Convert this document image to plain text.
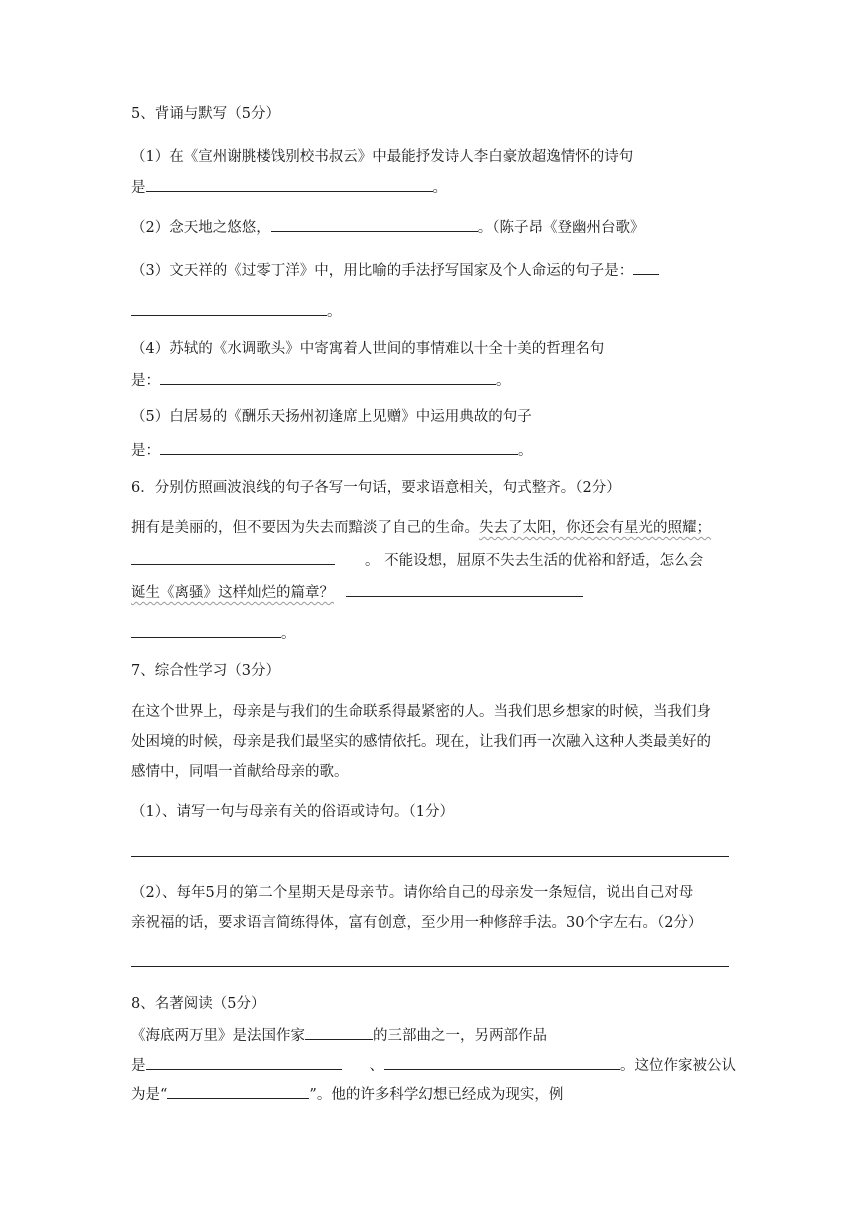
5、背诵与默写（5分）
（1）在《宣州谢朓楼饯别校书叔云》中最能抒发诗人李白豪放超逸情怀的诗句
是	。
（2）念天地之悠悠，	。（陈子昂《登幽州台歌》
（3）文天祥的《过零丁洋》中，用比喻的手法抒写国家及个人命运的句子是：
。
（4）苏轼的《水调歌头》中寄寓着人世间的事情难以十全十美的哲理名句
是：	。
（5）白居易的《酬乐天扬州初逢席上见赠》中运用典故的句子
是：	。
6．分别仿照画波浪线的句子各写一句话，要求语意相关，句式整齐。（2分）
拥有是美丽的，但不要因为失去而黯淡了自己的生命。失去了太阳，你还会有星光的照耀；
。 不能设想，屈原不失去生活的优裕和舒适，怎么会
诞生《离骚》这样灿烂的篇章？
。
7、综合性学习（3分）
在这个世界上，母亲是与我们的生命联系得最紧密的人。当我们思乡想家的时候，当我们身
处困境的时候，母亲是我们最坚实的感情依托。现在，让我们再一次融入这种人类最美好的
感情中，同唱一首献给母亲的歌。
（1）、请写一句与母亲有关的俗语或诗句。（1分）
（2）、每年5月的第二个星期天是母亲节。请你给自己的母亲发一条短信，说出自己对母
亲祝福的话，要求语言简练得体，富有创意，至少用一种修辞手法。30个字左右。（2分）
8、名著阅读（5分）
《海底两万里》是法国作家	的三部曲之一，另两部作品
是	、	。这位作家被公认
为是“	”。他的许多科学幻想已经成为现实，例
